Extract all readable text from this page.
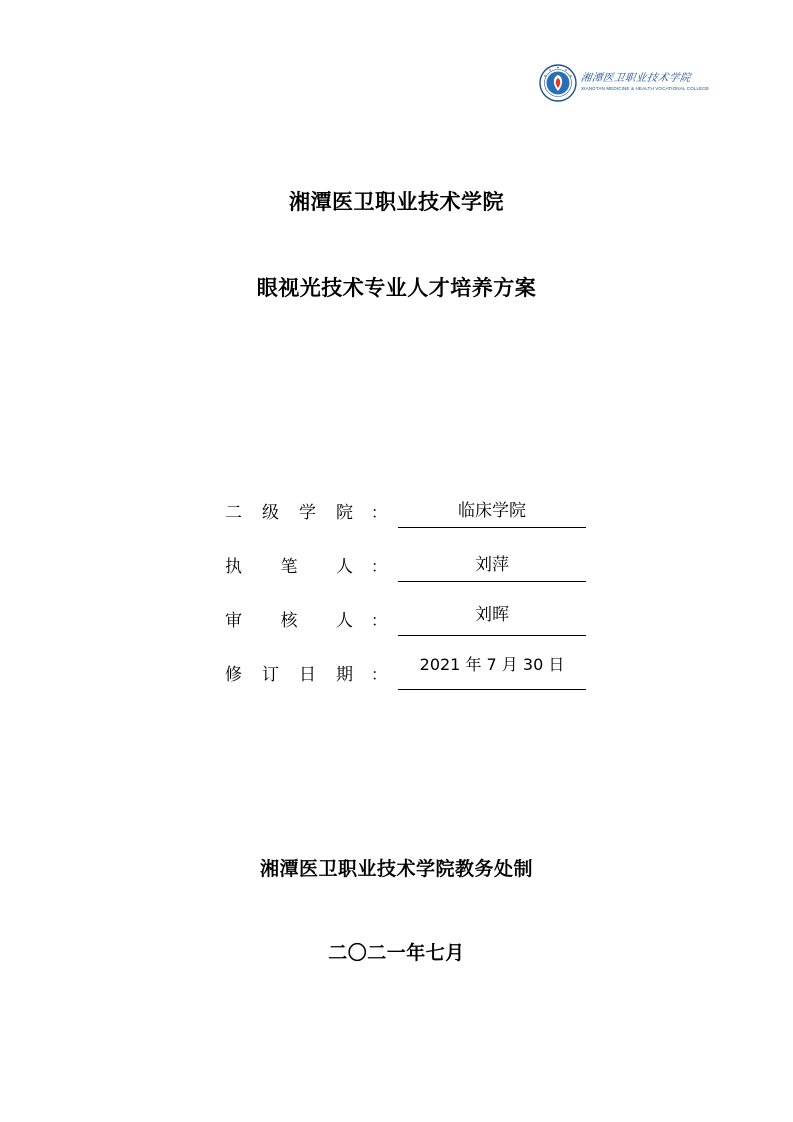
湘潭医卫职业技术学院
XIANGTAN MEDICINE & HEALTH VOCATIONAL COLLEGE
湘潭医卫职业技术学院
眼视光技术专业人才培养方案
二 级 学 院 ：	临床学院
执 笔 人 ：	刘萍
审 核 人 ：	刘晖
修 订 日 期 ：
2021 年 7 月 30 日
湘潭医卫职业技术学院教务处制
二〇二一年七月
